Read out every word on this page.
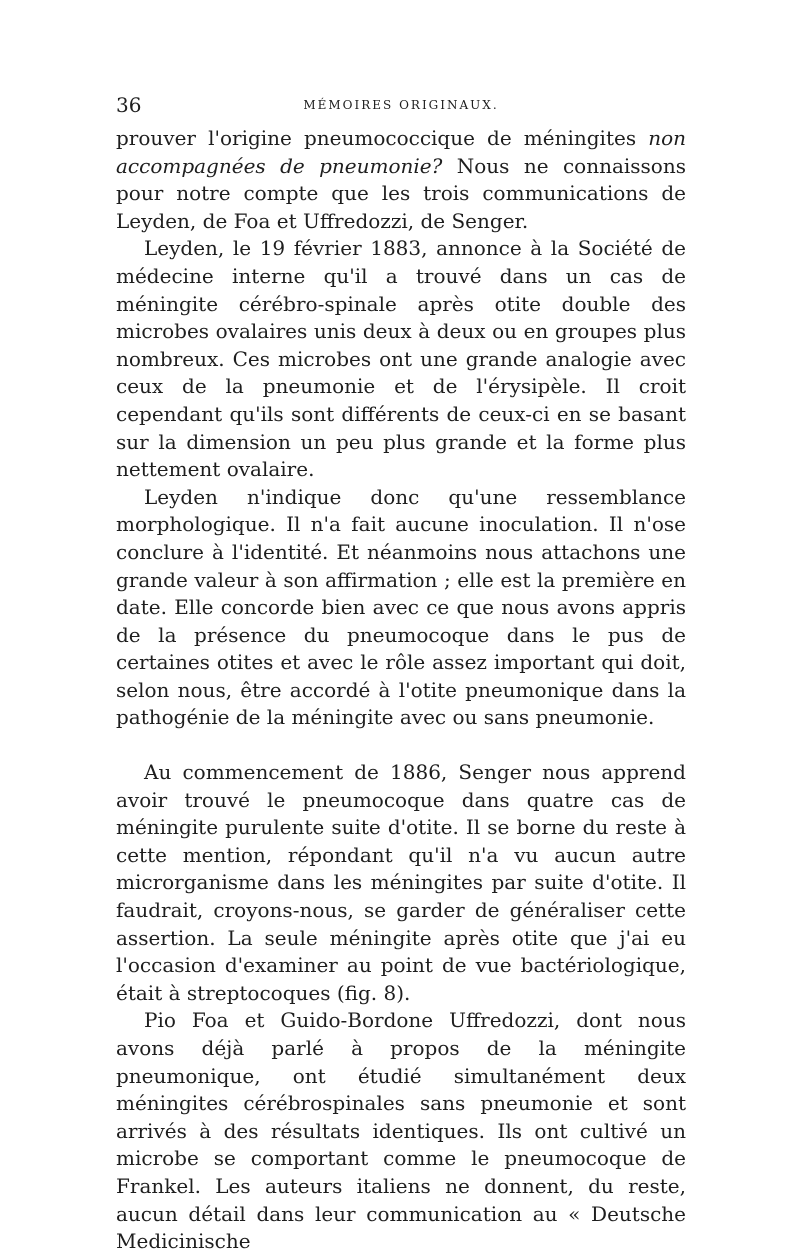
36	MÉMOIRES ORIGINAUX.

prouver l'origine pneumococcique de méningites non accompagnées de pneumonie? Nous ne connaissons pour notre compte que les trois communications de Leyden, de Foa et Uffredozzi, de Senger.

Leyden, le 19 février 1883, annonce à la Société de médecine interne qu'il a trouvé dans un cas de méningite cérébro-spinale après otite double des microbes ovalaires unis deux à deux ou en groupes plus nombreux. Ces microbes ont une grande analogie avec ceux de la pneumonie et de l'érysipèle. Il croit cependant qu'ils sont différents de ceux-ci en se basant sur la dimension un peu plus grande et la forme plus nettement ovalaire.

Leyden n'indique donc qu'une ressemblance morphologique. Il n'a fait aucune inoculation. Il n'ose conclure à l'identité. Et néanmoins nous attachons une grande valeur à son affirmation ; elle est la première en date. Elle concorde bien avec ce que nous avons appris de la présence du pneumocoque dans le pus de certaines otites et avec le rôle assez important qui doit, selon nous, être accordé à l'otite pneumonique dans la pathogénie de la méningite avec ou sans pneumonie.

Au commencement de 1886, Senger nous apprend avoir trouvé le pneumocoque dans quatre cas de méningite purulente suite d'otite. Il se borne du reste à cette mention, répondant qu'il n'a vu aucun autre microrganisme dans les méningites par suite d'otite. Il faudrait, croyons-nous, se garder de généraliser cette assertion. La seule méningite après otite que j'ai eu l'occasion d'examiner au point de vue bactériologique, était à streptocoques (fig. 8).

Pio Foa et Guido-Bordone Uffredozzi, dont nous avons déjà parlé à propos de la méningite pneumonique, ont étudié simultanément deux méningites cérébrospinales sans pneumonie et sont arrivés à des résultats identiques. Ils ont cultivé un microbe se comportant comme le pneumocoque de Frankel. Les auteurs italiens ne donnent, du reste, aucun détail dans leur communication au « Deutsche Medicinische
